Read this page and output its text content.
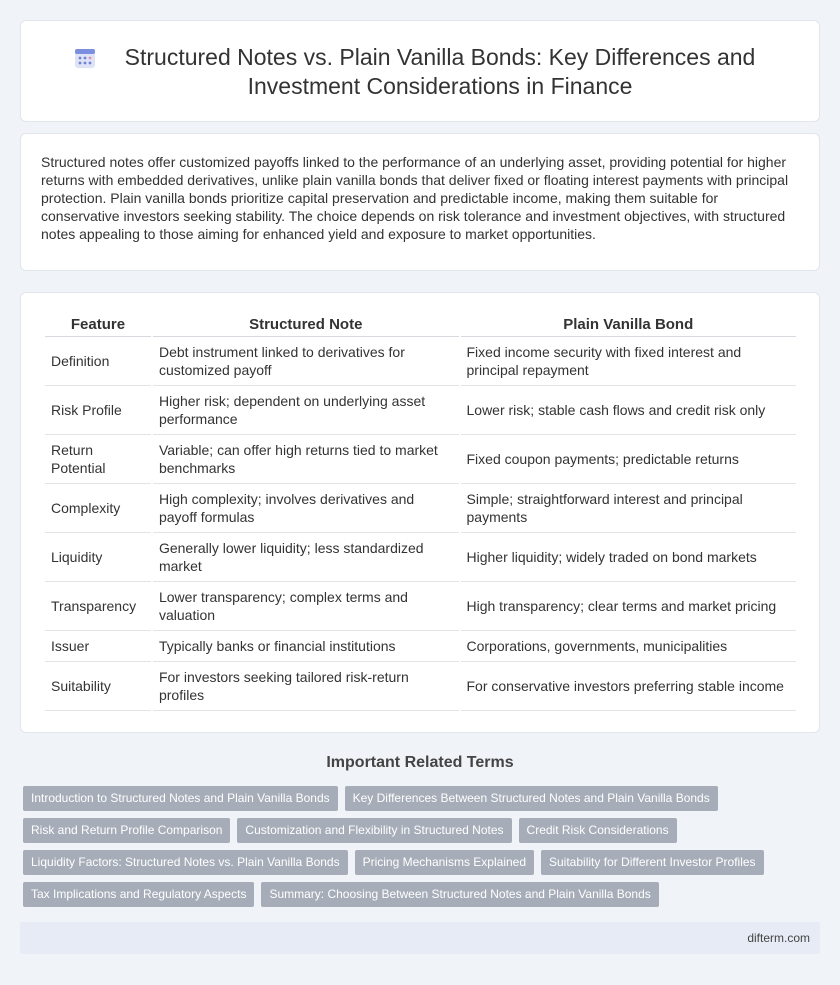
Structured Notes vs. Plain Vanilla Bonds: Key Differences and Investment Considerations in Finance

Structured notes offer customized payoffs linked to the performance of an underlying asset, providing potential for higher returns with embedded derivatives, unlike plain vanilla bonds that deliver fixed or floating interest payments with principal protection. Plain vanilla bonds prioritize capital preservation and predictable income, making them suitable for conservative investors seeking stability. The choice depends on risk tolerance and investment objectives, with structured notes appealing to those aiming for enhanced yield and exposure to market opportunities.

Feature	Structured Note	Plain Vanilla Bond
Definition	Debt instrument linked to derivatives for customized payoff	Fixed income security with fixed interest and principal repayment
Risk Profile	Higher risk; dependent on underlying asset performance	Lower risk; stable cash flows and credit risk only
Return Potential	Variable; can offer high returns tied to market benchmarks	Fixed coupon payments; predictable returns
Complexity	High complexity; involves derivatives and payoff formulas	Simple; straightforward interest and principal payments
Liquidity	Generally lower liquidity; less standardized market	Higher liquidity; widely traded on bond markets
Transparency	Lower transparency; complex terms and valuation	High transparency; clear terms and market pricing
Issuer	Typically banks or financial institutions	Corporations, governments, municipalities
Suitability	For investors seeking tailored risk-return profiles	For conservative investors preferring stable income
Important Related Terms
Introduction to Structured Notes and Plain Vanilla Bonds	Key Differences Between Structured Notes and Plain Vanilla Bonds
Risk and Return Profile Comparison	Customization and Flexibility in Structured Notes	Credit Risk Considerations
Liquidity Factors: Structured Notes vs. Plain Vanilla Bonds	Pricing Mechanisms Explained	Suitability for Different Investor Profiles
Tax Implications and Regulatory Aspects	Summary: Choosing Between Structured Notes and Plain Vanilla Bonds
difterm.com
